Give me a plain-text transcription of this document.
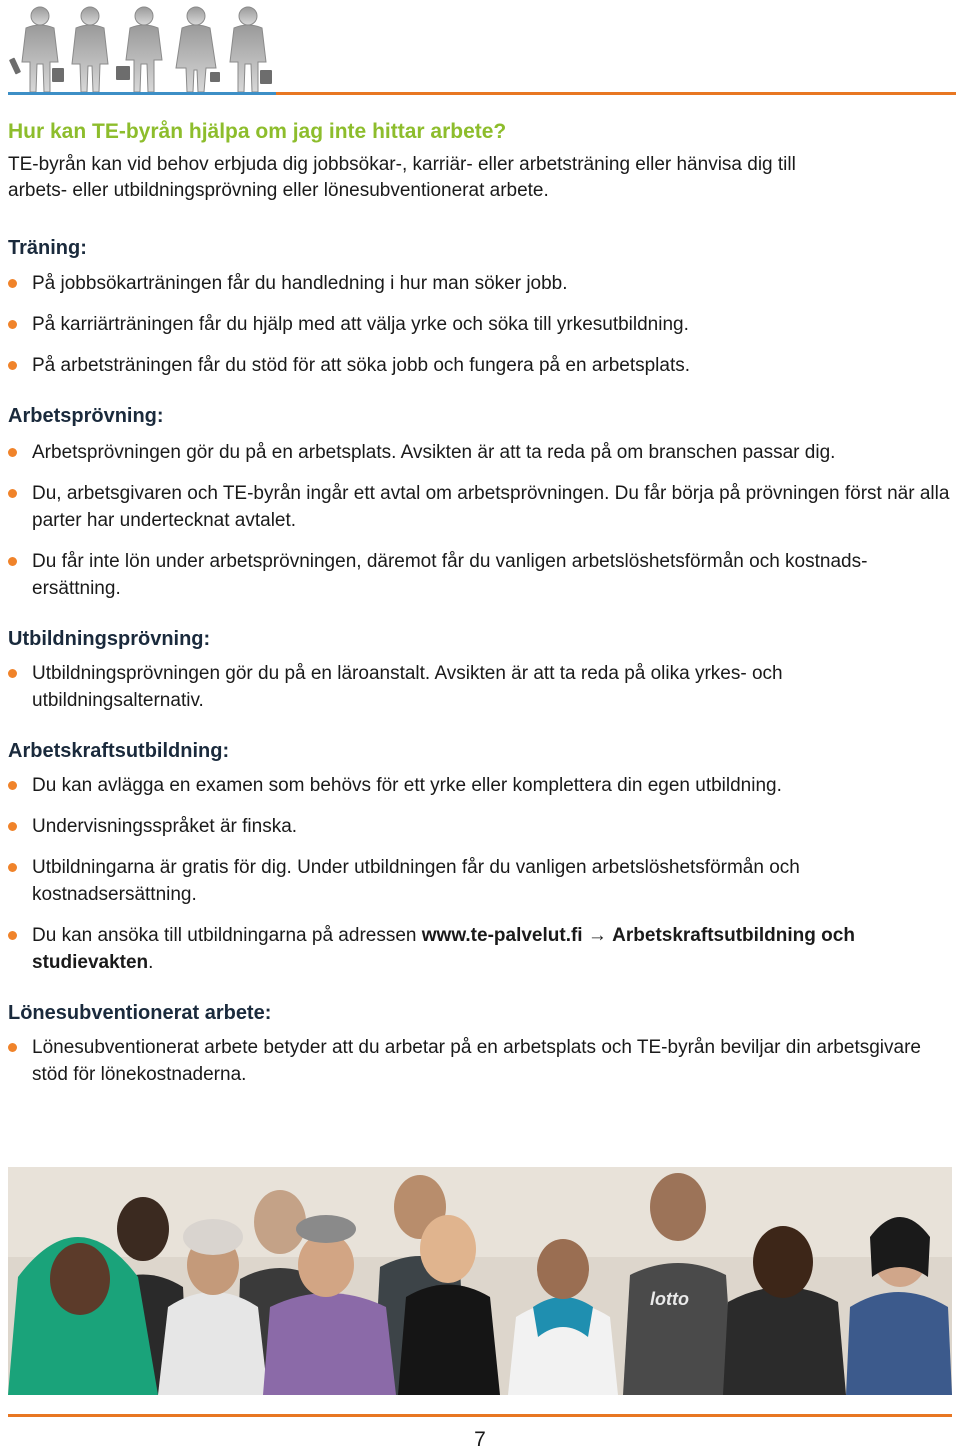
Hur kan TE-byrån hjälpa om jag inte hittar arbete?

TE-byrån kan vid behov erbjuda dig jobbsökar-, karriär- eller arbetsträning eller hänvisa dig till

arbets- eller utbildningsprövning eller lönesubventionerat arbete.

Träning:
På jobbsökarträningen får du handledning i hur man söker jobb.
På karriärträningen får du hjälp med att välja yrke och söka till yrkesutbildning.
På arbetsträningen får du stöd för att söka jobb och fungera på en arbetsplats.
Arbetsprövning:
Arbetsprövningen gör du på en arbetsplats. Avsikten är att ta reda på om branschen passar dig.
Du, arbetsgivaren och TE-byrån ingår ett avtal om arbetsprövningen. Du får börja på prövningen först när alla parter har undertecknat avtalet.
Du får inte lön under arbetsprövningen, däremot får du vanligen arbetslöshetsförmån och kostnads-ersättning.
Utbildningsprövning:
Utbildningsprövningen gör du på en läroanstalt. Avsikten är att ta reda på olika yrkes- och utbildningsalternativ.
Arbetskraftsutbildning:
Du kan avlägga en examen som behövs för ett yrke eller komplettera din egen utbildning.
Undervisningsspråket är finska.
Utbildningarna är gratis för dig. Under utbildningen får du vanligen arbetslöshetsförmån och kostnadsersättning.
Du kan ansöka till utbildningarna på adressen www.te-palvelut.fi → Arbetskraftsutbildning och studievakten.
Lönesubventionerat arbete:
Lönesubventionerat arbete betyder att du arbetar på en arbetsplats och TE-byrån beviljar din arbetsgivare stöd för lönekostnaderna.
lotto
7
